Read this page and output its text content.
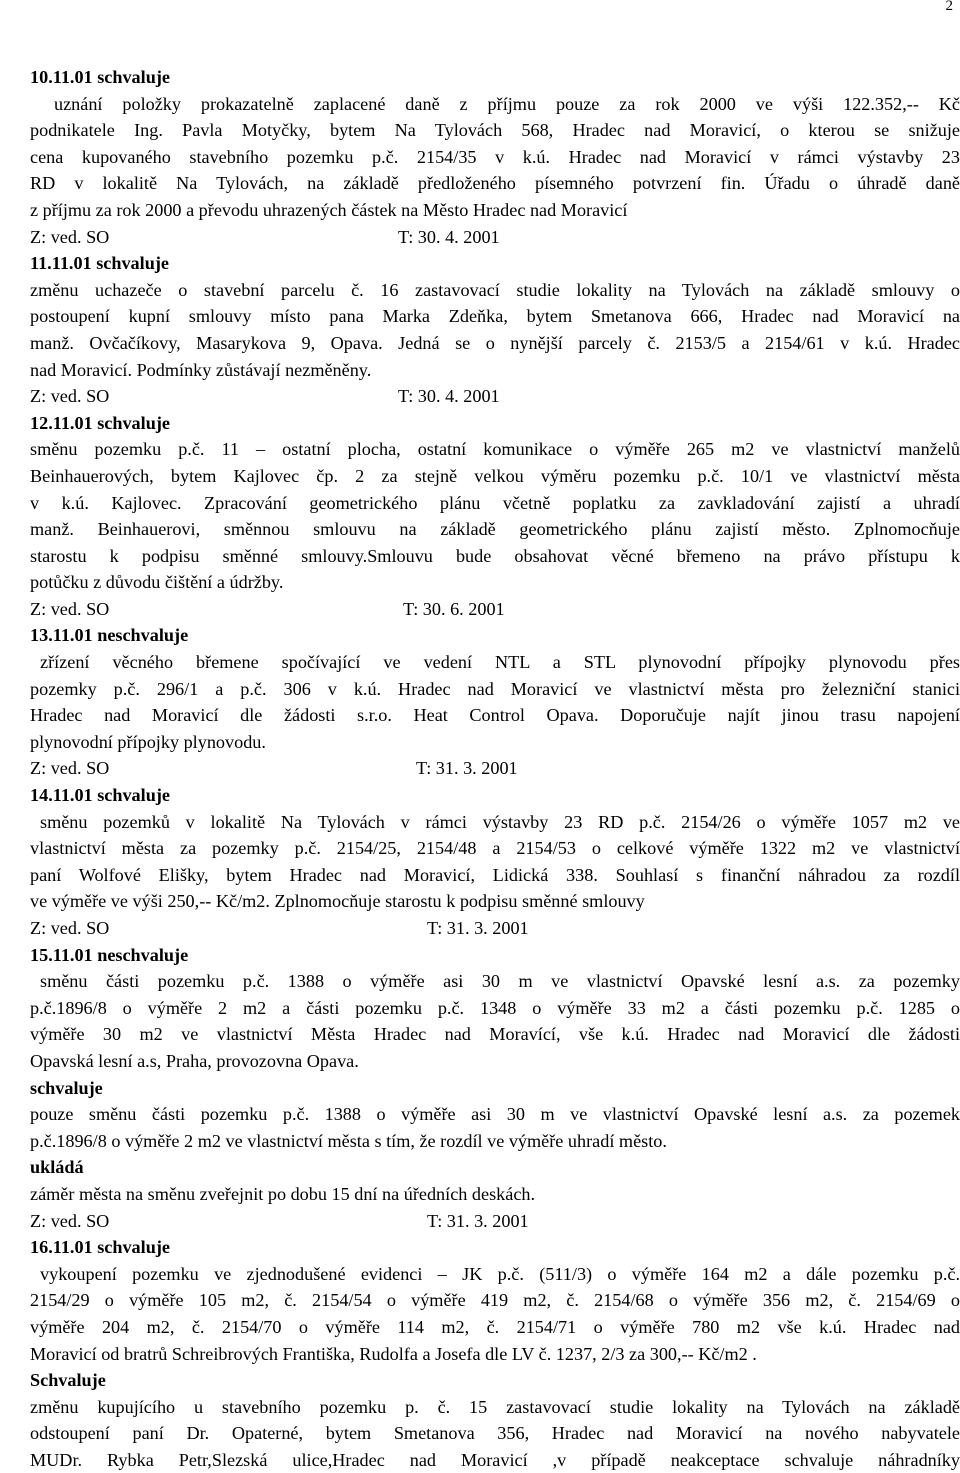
2
10.11.01 schvaluje
uznání položky prokazatelně zaplacené daně z příjmu pouze za rok 2000 ve výši 122.352,-- Kč
podnikatele Ing. Pavla Motyčky, bytem Na Tylovách 568, Hradec nad Moravicí, o kterou se snižuje
cena kupovaného stavebního pozemku p.č. 2154/35 v k.ú. Hradec nad Moravicí v rámci výstavby 23
RD v lokalitě Na Tylovách, na základě předloženého písemného potvrzení fin. Úřadu o úhradě daně
z příjmu za rok 2000 a převodu uhrazených částek na Město Hradec nad Moravicí
Z: ved. SO	T: 30. 4. 2001
11.11.01 schvaluje
změnu uchazeče o stavební parcelu č. 16 zastavovací studie lokality na Tylovách na základě smlouvy o
postoupení kupní smlouvy místo pana Marka Zdeňka, bytem Smetanova 666, Hradec nad Moravicí na
manž. Ovčačíkovy, Masarykova 9, Opava. Jedná se o nynější parcely č. 2153/5 a 2154/61 v k.ú. Hradec
nad Moravicí. Podmínky zůstávají nezměněny.
Z: ved. SO	T: 30. 4. 2001
12.11.01 schvaluje
směnu pozemku p.č. 11 – ostatní plocha, ostatní komunikace o výměře 265 m2 ve vlastnictví manželů
Beinhauerových, bytem Kajlovec čp. 2 za stejně velkou výměru pozemku p.č. 10/1 ve vlastnictví města
v k.ú. Kajlovec. Zpracování geometrického plánu včetně poplatku za zavkladování zajistí a uhradí
manž. Beinhauerovi, směnnou smlouvu na základě geometrického plánu zajistí město. Zplnomocňuje
starostu k podpisu směnné smlouvy.Smlouvu bude obsahovat věcné břemeno na právo přístupu k
potůčku z důvodu čištění a údržby.
Z: ved. SO	T: 30. 6. 2001
13.11.01 neschvaluje
zřízení věcného břemene spočívající ve vedení NTL a STL plynovodní přípojky plynovodu přes
pozemky p.č. 296/1 a p.č. 306 v k.ú. Hradec nad Moravicí ve vlastnictví města pro železniční stanici
Hradec nad Moravicí dle žádosti s.r.o. Heat Control Opava. Doporučuje najít jinou trasu napojení
plynovodní přípojky plynovodu.
Z: ved. SO	T: 31. 3. 2001
14.11.01 schvaluje
směnu pozemků v lokalitě Na Tylovách v rámci výstavby 23 RD p.č. 2154/26 o výměře 1057 m2 ve
vlastnictví města za pozemky p.č. 2154/25, 2154/48 a 2154/53 o celkové výměře 1322 m2 ve vlastnictví
paní Wolfové Elišky, bytem Hradec nad Moravicí, Lidická 338. Souhlasí s finanční náhradou za rozdíl
ve výměře ve výši 250,-- Kč/m2. Zplnomocňuje starostu k podpisu směnné smlouvy
Z: ved. SO	T: 31. 3. 2001
15.11.01 neschvaluje
směnu části pozemku p.č. 1388 o výměře asi 30 m ve vlastnictví Opavské lesní a.s. za pozemky
p.č.1896/8 o výměře 2 m2 a části pozemku p.č. 1348 o výměře 33 m2 a části pozemku p.č. 1285 o
výměře 30 m2 ve vlastnictví Města Hradec nad Moravící, vše k.ú. Hradec nad Moravicí dle žádosti
Opavská lesní a.s, Praha, provozovna Opava.
schvaluje
pouze směnu části pozemku p.č. 1388 o výměře asi 30 m ve vlastnictví Opavské lesní a.s. za pozemek
p.č.1896/8 o výměře 2 m2 ve vlastnictví města s tím, že rozdíl ve výměře uhradí město.
ukládá
záměr města na směnu zveřejnit po dobu 15 dní na úředních deskách.
Z: ved. SO	T: 31. 3. 2001
16.11.01 schvaluje
vykoupení pozemku ve zjednodušené evidenci – JK p.č. (511/3) o výměře 164 m2 a dále pozemku p.č.
2154/29 o výměře 105 m2, č. 2154/54 o výměře 419 m2, č. 2154/68 o výměře 356 m2, č. 2154/69 o
výměře 204 m2, č. 2154/70 o výměře 114 m2, č. 2154/71 o výměře 780 m2 vše k.ú. Hradec nad
Moravicí od bratrů Schreibrových Františka, Rudolfa a Josefa dle LV č. 1237, 2/3 za 300,-- Kč/m2 .
Schvaluje
změnu kupujícího u stavebního pozemku p. č. 15 zastavovací studie lokality na Tylovách na základě
odstoupení paní Dr. Opaterné, bytem Smetanova 356, Hradec nad Moravicí na nového nabyvatele
MUDr. Rybka Petr,Slezská ulice,Hradec nad Moravicí ,v případě neakceptace schvaluje náhradníky
